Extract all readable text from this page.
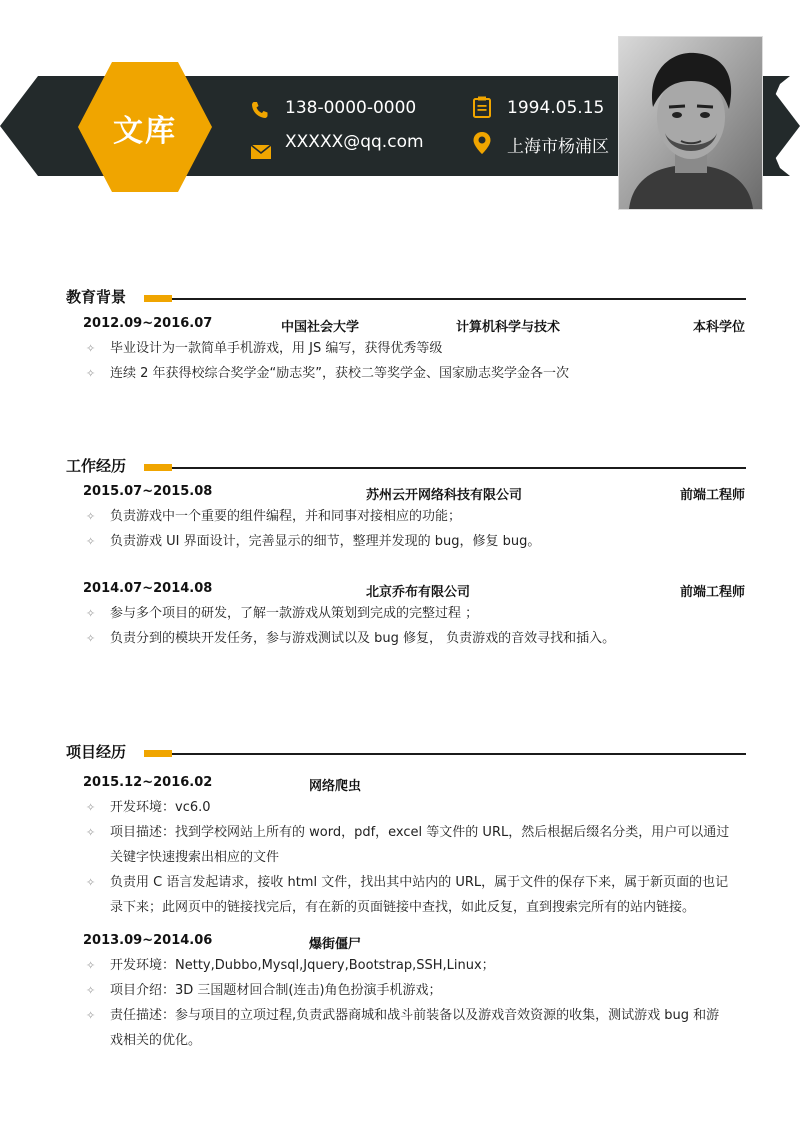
文库
138-0000-0000
XXXXX@qq.com
1994.05.15
上海市杨浦区
教育背景
2012.09~2016.07	中国社会大学	计算机科学与技术	本科学位
✧ 毕业设计为一款简单手机游戏，用 JS 编写，获得优秀等级
✧ 连续 2 年获得校综合奖学金“励志奖”，获校二等奖学金、国家励志奖学金各一次
工作经历
2015.07~2015.08	苏州云开网络科技有限公司	前端工程师
✧ 负责游戏中一个重要的组件编程，并和同事对接相应的功能；
✧ 负责游戏 UI 界面设计，完善显示的细节，整理并发现的 bug，修复 bug。
2014.07~2014.08	北京乔布有限公司	前端工程师
✧ 参与多个项目的研发，了解一款游戏从策划到完成的完整过程 ；
✧ 负责分到的模块开发任务，参与游戏测试以及 bug 修复， 负责游戏的音效寻找和插入。
项目经历
2015.12~2016.02	网络爬虫
✧ 开发环境：vc6.0
✧ 项目描述：找到学校网站上所有的 word，pdf，excel 等文件的 URL，然后根据后缀名分类，用户可以通过
关键字快速搜索出相应的文件
✧ 负责用 C 语言发起请求，接收 html 文件，找出其中站内的 URL，属于文件的保存下来，属于新页面的也记
录下来；此网页中的链接找完后，有在新的页面链接中查找，如此反复，直到搜索完所有的站内链接。
2013.09~2014.06	爆街僵尸
✧ 开发环境：Netty,Dubbo,Mysql,Jquery,Bootstrap,SSH,Linux；
✧ 项目介绍：3D 三国题材回合制(连击)角色扮演手机游戏；
✧ 责任描述：参与项目的立项过程,负责武器商城和战斗前装备以及游戏音效资源的收集，测试游戏 bug 和游
戏相关的优化。
